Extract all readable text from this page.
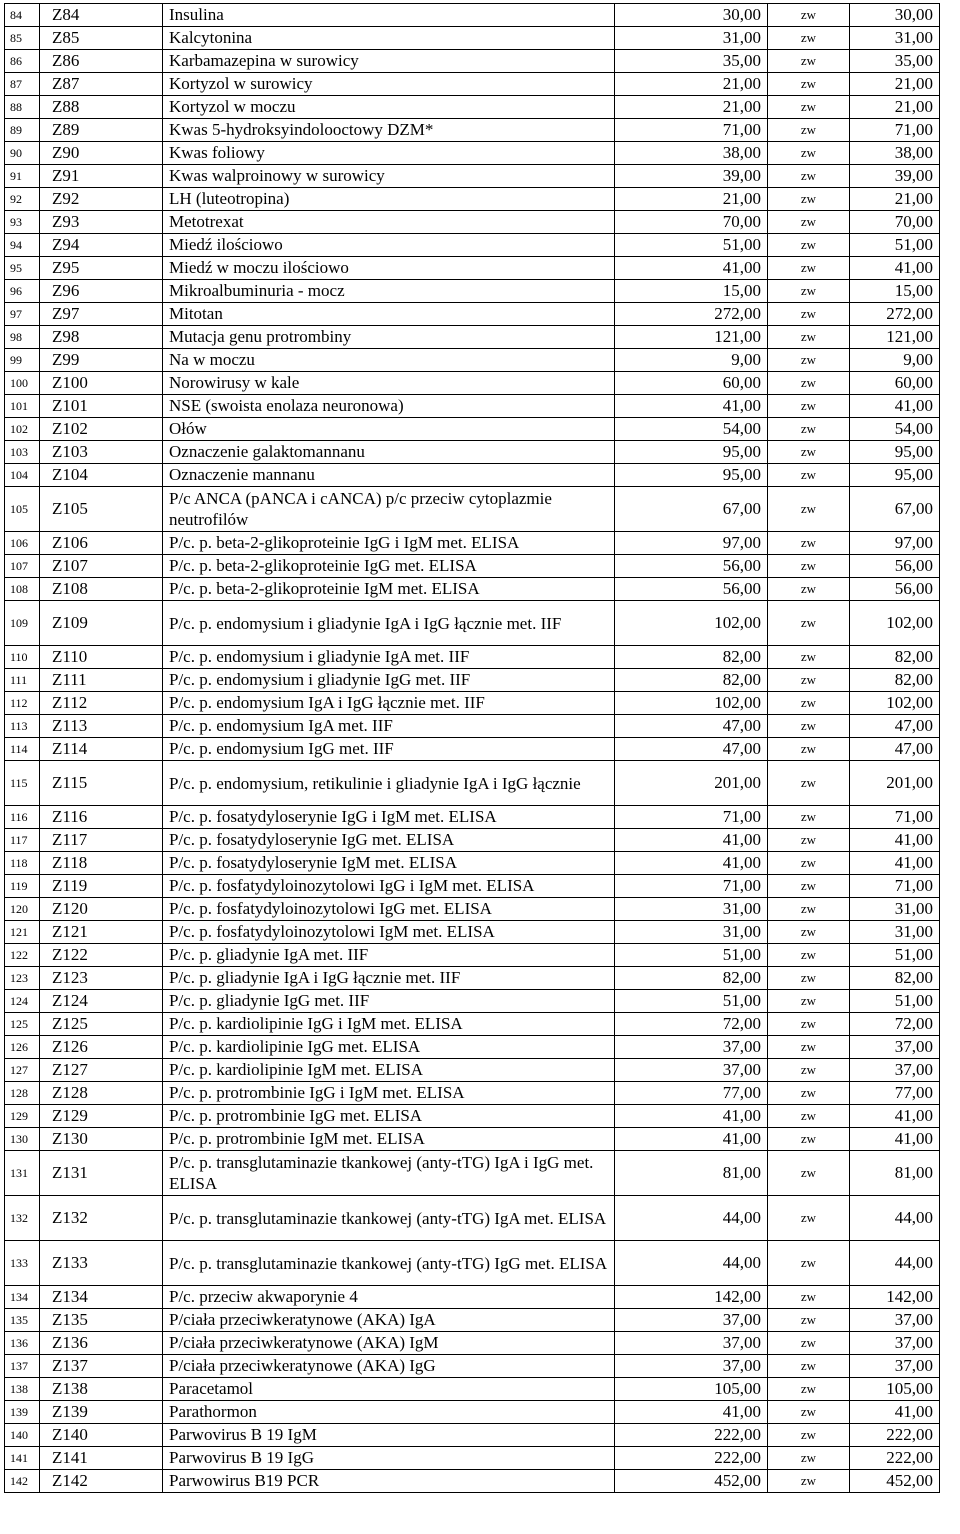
84	Z84	Insulina	30,00	zw	30,00
85	Z85	Kalcytonina	31,00	zw	31,00
86	Z86	Karbamazepina w surowicy	35,00	zw	35,00
87	Z87	Kortyzol w surowicy	21,00	zw	21,00
88	Z88	Kortyzol w moczu	21,00	zw	21,00
89	Z89	Kwas 5-hydroksyindolooctowy DZM*	71,00	zw	71,00
90	Z90	Kwas foliowy	38,00	zw	38,00
91	Z91	Kwas walproinowy w surowicy	39,00	zw	39,00
92	Z92	LH (luteotropina)	21,00	zw	21,00
93	Z93	Metotrexat	70,00	zw	70,00
94	Z94	Miedź ilościowo	51,00	zw	51,00
95	Z95	Miedź w moczu ilościowo	41,00	zw	41,00
96	Z96	Mikroalbuminuria - mocz	15,00	zw	15,00
97	Z97	Mitotan	272,00	zw	272,00
98	Z98	Mutacja genu protrombiny	121,00	zw	121,00
99	Z99	Na w moczu	9,00	zw	9,00
100	Z100	Norowirusy w kale	60,00	zw	60,00
101	Z101	NSE (swoista enolaza neuronowa)	41,00	zw	41,00
102	Z102	Ołów	54,00	zw	54,00
103	Z103	Oznaczenie galaktomannanu	95,00	zw	95,00
104	Z104	Oznaczenie mannanu	95,00	zw	95,00
105	Z105	P/c ANCA (pANCA i cANCA) p/c przeciw cytoplazmie neutrofilów	67,00	zw	67,00
106	Z106	P/c. p. beta-2-glikoproteinie IgG i IgM met. ELISA	97,00	zw	97,00
107	Z107	P/c. p. beta-2-glikoproteinie IgG met. ELISA	56,00	zw	56,00
108	Z108	P/c. p. beta-2-glikoproteinie IgM met. ELISA	56,00	zw	56,00
109	Z109	P/c. p. endomysium i gliadynie IgA i IgG łącznie met. IIF	102,00	zw	102,00
110	Z110	P/c. p. endomysium i gliadynie IgA met. IIF	82,00	zw	82,00
111	Z111	P/c. p. endomysium i gliadynie IgG met. IIF	82,00	zw	82,00
112	Z112	P/c. p. endomysium IgA i IgG łącznie met. IIF	102,00	zw	102,00
113	Z113	P/c. p. endomysium IgA met. IIF	47,00	zw	47,00
114	Z114	P/c. p. endomysium IgG met. IIF	47,00	zw	47,00
115	Z115	P/c. p. endomysium, retikulinie i gliadynie IgA i IgG łącznie	201,00	zw	201,00
116	Z116	P/c. p. fosatydyloserynie IgG i IgM met. ELISA	71,00	zw	71,00
117	Z117	P/c. p. fosatydyloserynie IgG met. ELISA	41,00	zw	41,00
118	Z118	P/c. p. fosatydyloserynie IgM met. ELISA	41,00	zw	41,00
119	Z119	P/c. p. fosfatydyloinozytolowi IgG i IgM met. ELISA	71,00	zw	71,00
120	Z120	P/c. p. fosfatydyloinozytolowi IgG met. ELISA	31,00	zw	31,00
121	Z121	P/c. p. fosfatydyloinozytolowi IgM met. ELISA	31,00	zw	31,00
122	Z122	P/c. p. gliadynie IgA met. IIF	51,00	zw	51,00
123	Z123	P/c. p. gliadynie IgA i IgG łącznie met. IIF	82,00	zw	82,00
124	Z124	P/c. p. gliadynie IgG met. IIF	51,00	zw	51,00
125	Z125	P/c. p. kardiolipinie IgG i IgM met. ELISA	72,00	zw	72,00
126	Z126	P/c. p. kardiolipinie IgG met. ELISA	37,00	zw	37,00
127	Z127	P/c. p. kardiolipinie IgM met. ELISA	37,00	zw	37,00
128	Z128	P/c. p. protrombinie IgG i IgM met. ELISA	77,00	zw	77,00
129	Z129	P/c. p. protrombinie IgG met. ELISA	41,00	zw	41,00
130	Z130	P/c. p. protrombinie IgM met. ELISA	41,00	zw	41,00
131	Z131	P/c. p. transglutaminazie tkankowej (anty-tTG) IgA i IgG met. ELISA	81,00	zw	81,00
132	Z132	P/c. p. transglutaminazie tkankowej (anty-tTG) IgA met. ELISA	44,00	zw	44,00
133	Z133	P/c. p. transglutaminazie tkankowej (anty-tTG) IgG met. ELISA	44,00	zw	44,00
134	Z134	P/c. przeciw akwaporynie 4	142,00	zw	142,00
135	Z135	P/ciała przeciwkeratynowe (AKA) IgA	37,00	zw	37,00
136	Z136	P/ciała przeciwkeratynowe (AKA) IgM	37,00	zw	37,00
137	Z137	P/ciała przeciwkeratynowe (AKA) IgG	37,00	zw	37,00
138	Z138	Paracetamol	105,00	zw	105,00
139	Z139	Parathormon	41,00	zw	41,00
140	Z140	Parwovirus B 19 IgM	222,00	zw	222,00
141	Z141	Parwovirus B 19 IgG	222,00	zw	222,00
142	Z142	Parwowirus B19 PCR	452,00	zw	452,00
